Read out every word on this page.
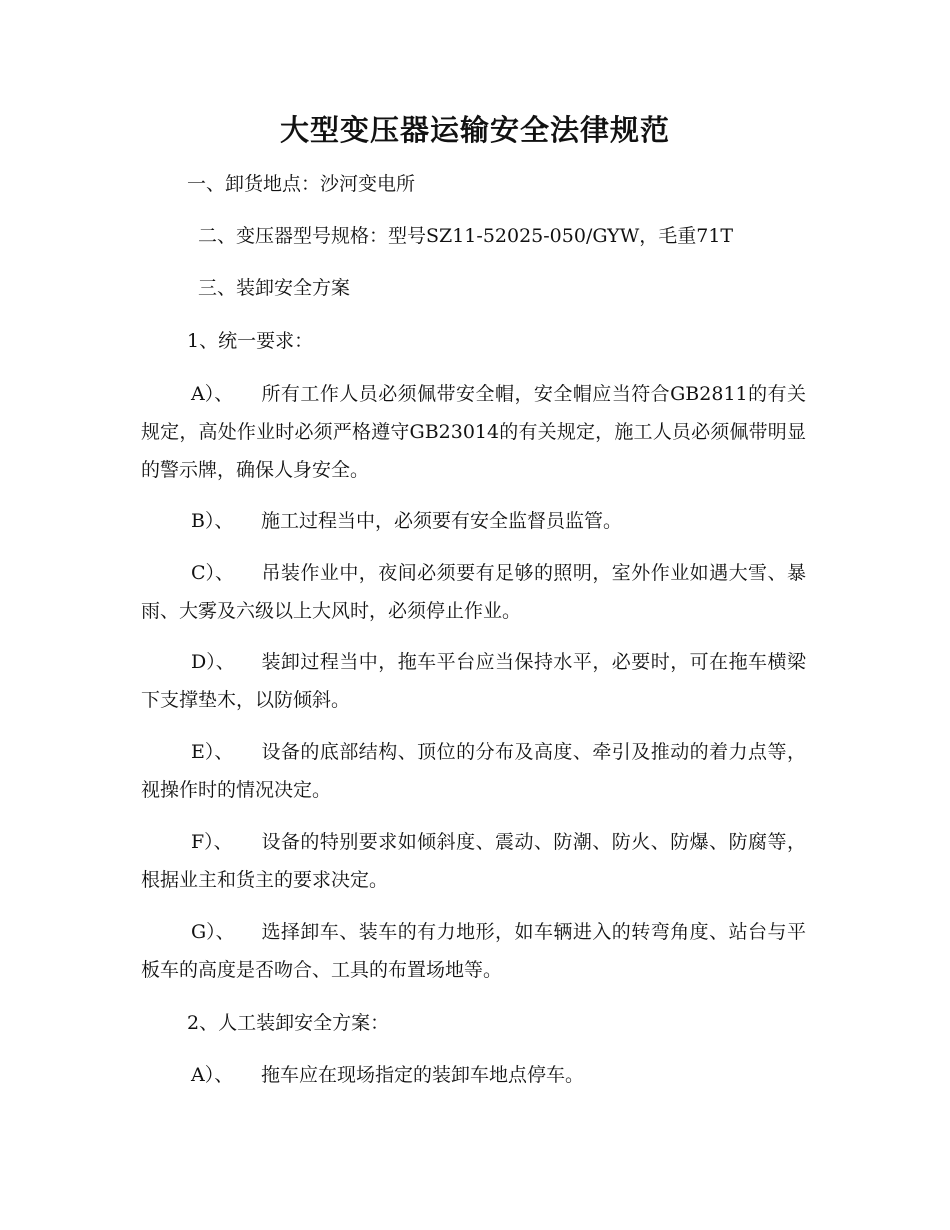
大型变压器运输安全法律规范

一、卸货地点：沙河变电所

二、变压器型号规格：型号SZ11-52025-050/GYW，毛重71T

三、装卸安全方案

1、统一要求：

A）、 所有工作人员必须佩带安全帽，安全帽应当符合GB2811的有关规定，高处作业时必须严格遵守GB23014的有关规定，施工人员必须佩带明显的警示牌，确保人身安全。

B）、 施工过程当中，必须要有安全监督员监管。

C）、 吊装作业中，夜间必须要有足够的照明，室外作业如遇大雪、暴雨、大雾及六级以上大风时，必须停止作业。

D）、 装卸过程当中，拖车平台应当保持水平，必要时，可在拖车横梁下支撑垫木，以防倾斜。

E）、 设备的底部结构、顶位的分布及高度、牵引及推动的着力点等，视操作时的情况决定。

F）、 设备的特别要求如倾斜度、震动、防潮、防火、防爆、防腐等，根据业主和货主的要求决定。

G）、 选择卸车、装车的有力地形，如车辆进入的转弯角度、站台与平板车的高度是否吻合、工具的布置场地等。

2、人工装卸安全方案：

A）、 拖车应在现场指定的装卸车地点停车。
